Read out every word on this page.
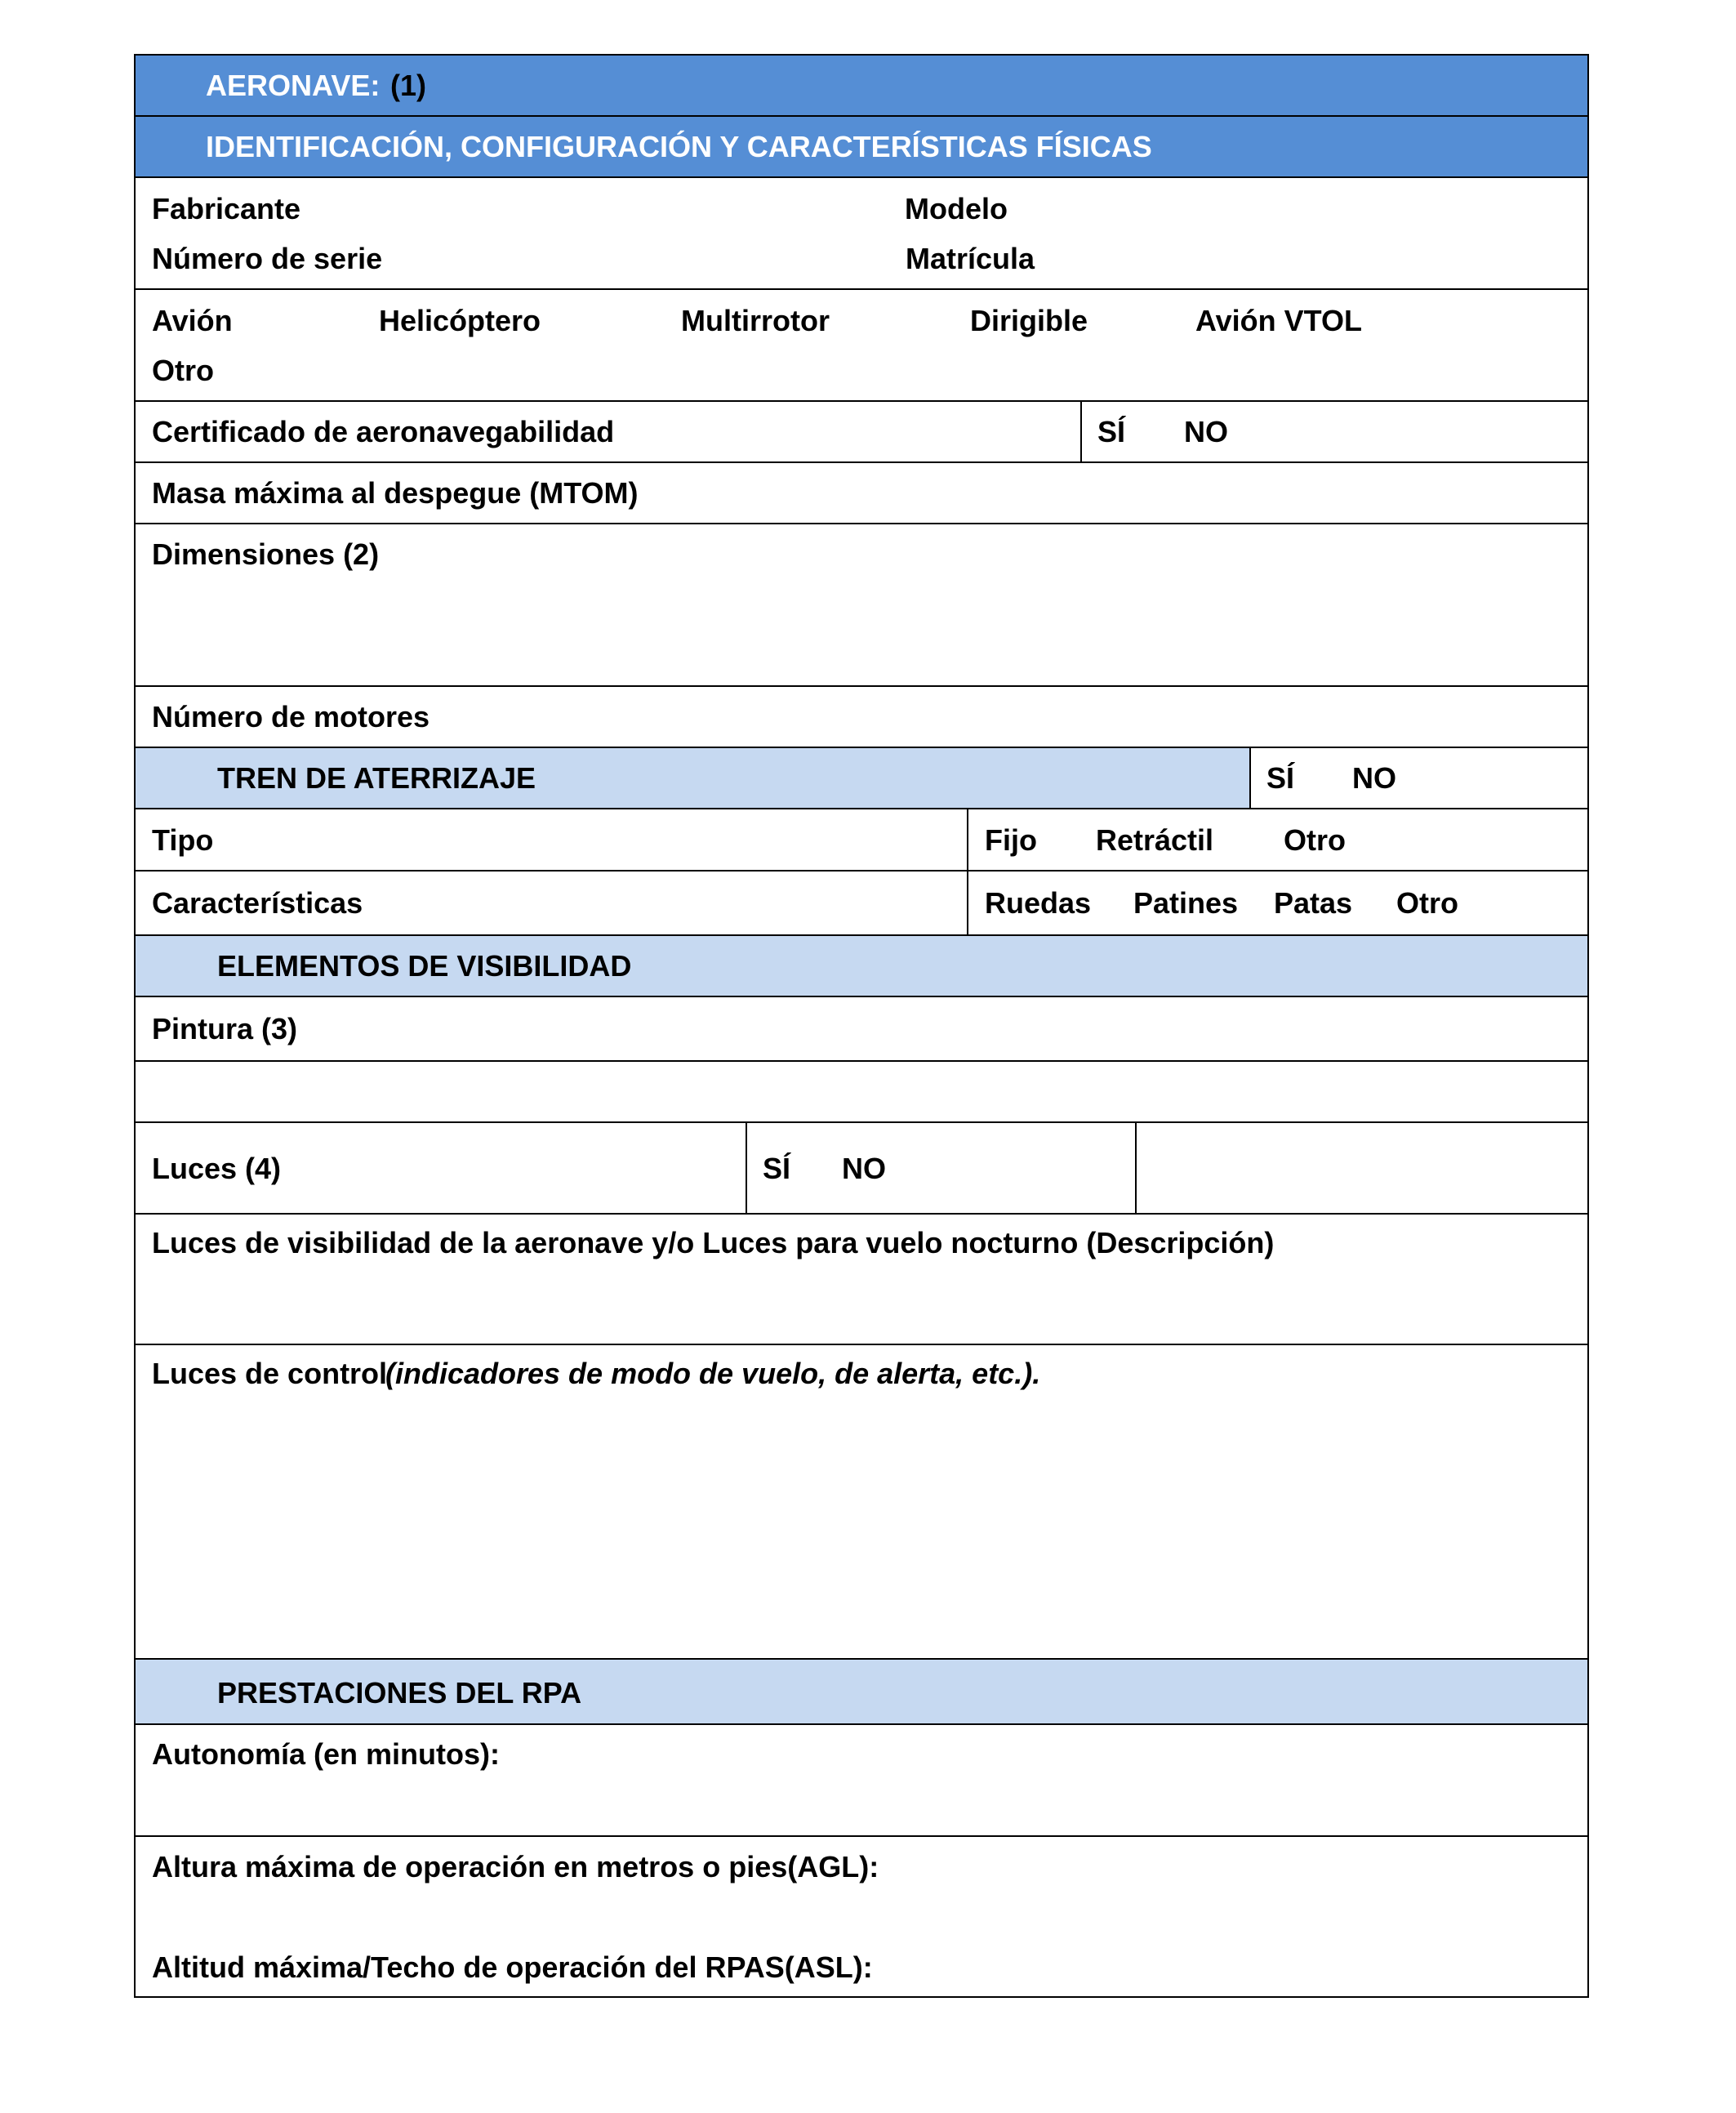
AERONAVE: (1)
IDENTIFICACIÓN, CONFIGURACIÓN Y CARACTERÍSTICAS FÍSICAS
Fabricante	Modelo
Número de serie	Matrícula
Avión	Helicóptero	Multirrotor	Dirigible	Avión VTOL
Otro
Certificado de aeronavegabilidad	SÍ NO
Masa máxima al despegue (MTOM)
Dimensiones (2)
Número de motores
TREN DE ATERRIZAJE	SÍ NO
Tipo	Fijo Retráctil Otro
Características	Ruedas Patines Patas Otro
ELEMENTOS DE VISIBILIDAD
Pintura (3)
Luces (4)	SÍ NO
Luces de visibilidad de la aeronave y/o Luces para vuelo nocturno (Descripción)
Luces de control
(indicadores de modo de vuelo, de alerta, etc.).
PRESTACIONES DEL RPA
Autonomía (en minutos):
Altura máxima de operación en metros o pies(AGL):
Altitud máxima/Techo de operación del RPAS(ASL):
